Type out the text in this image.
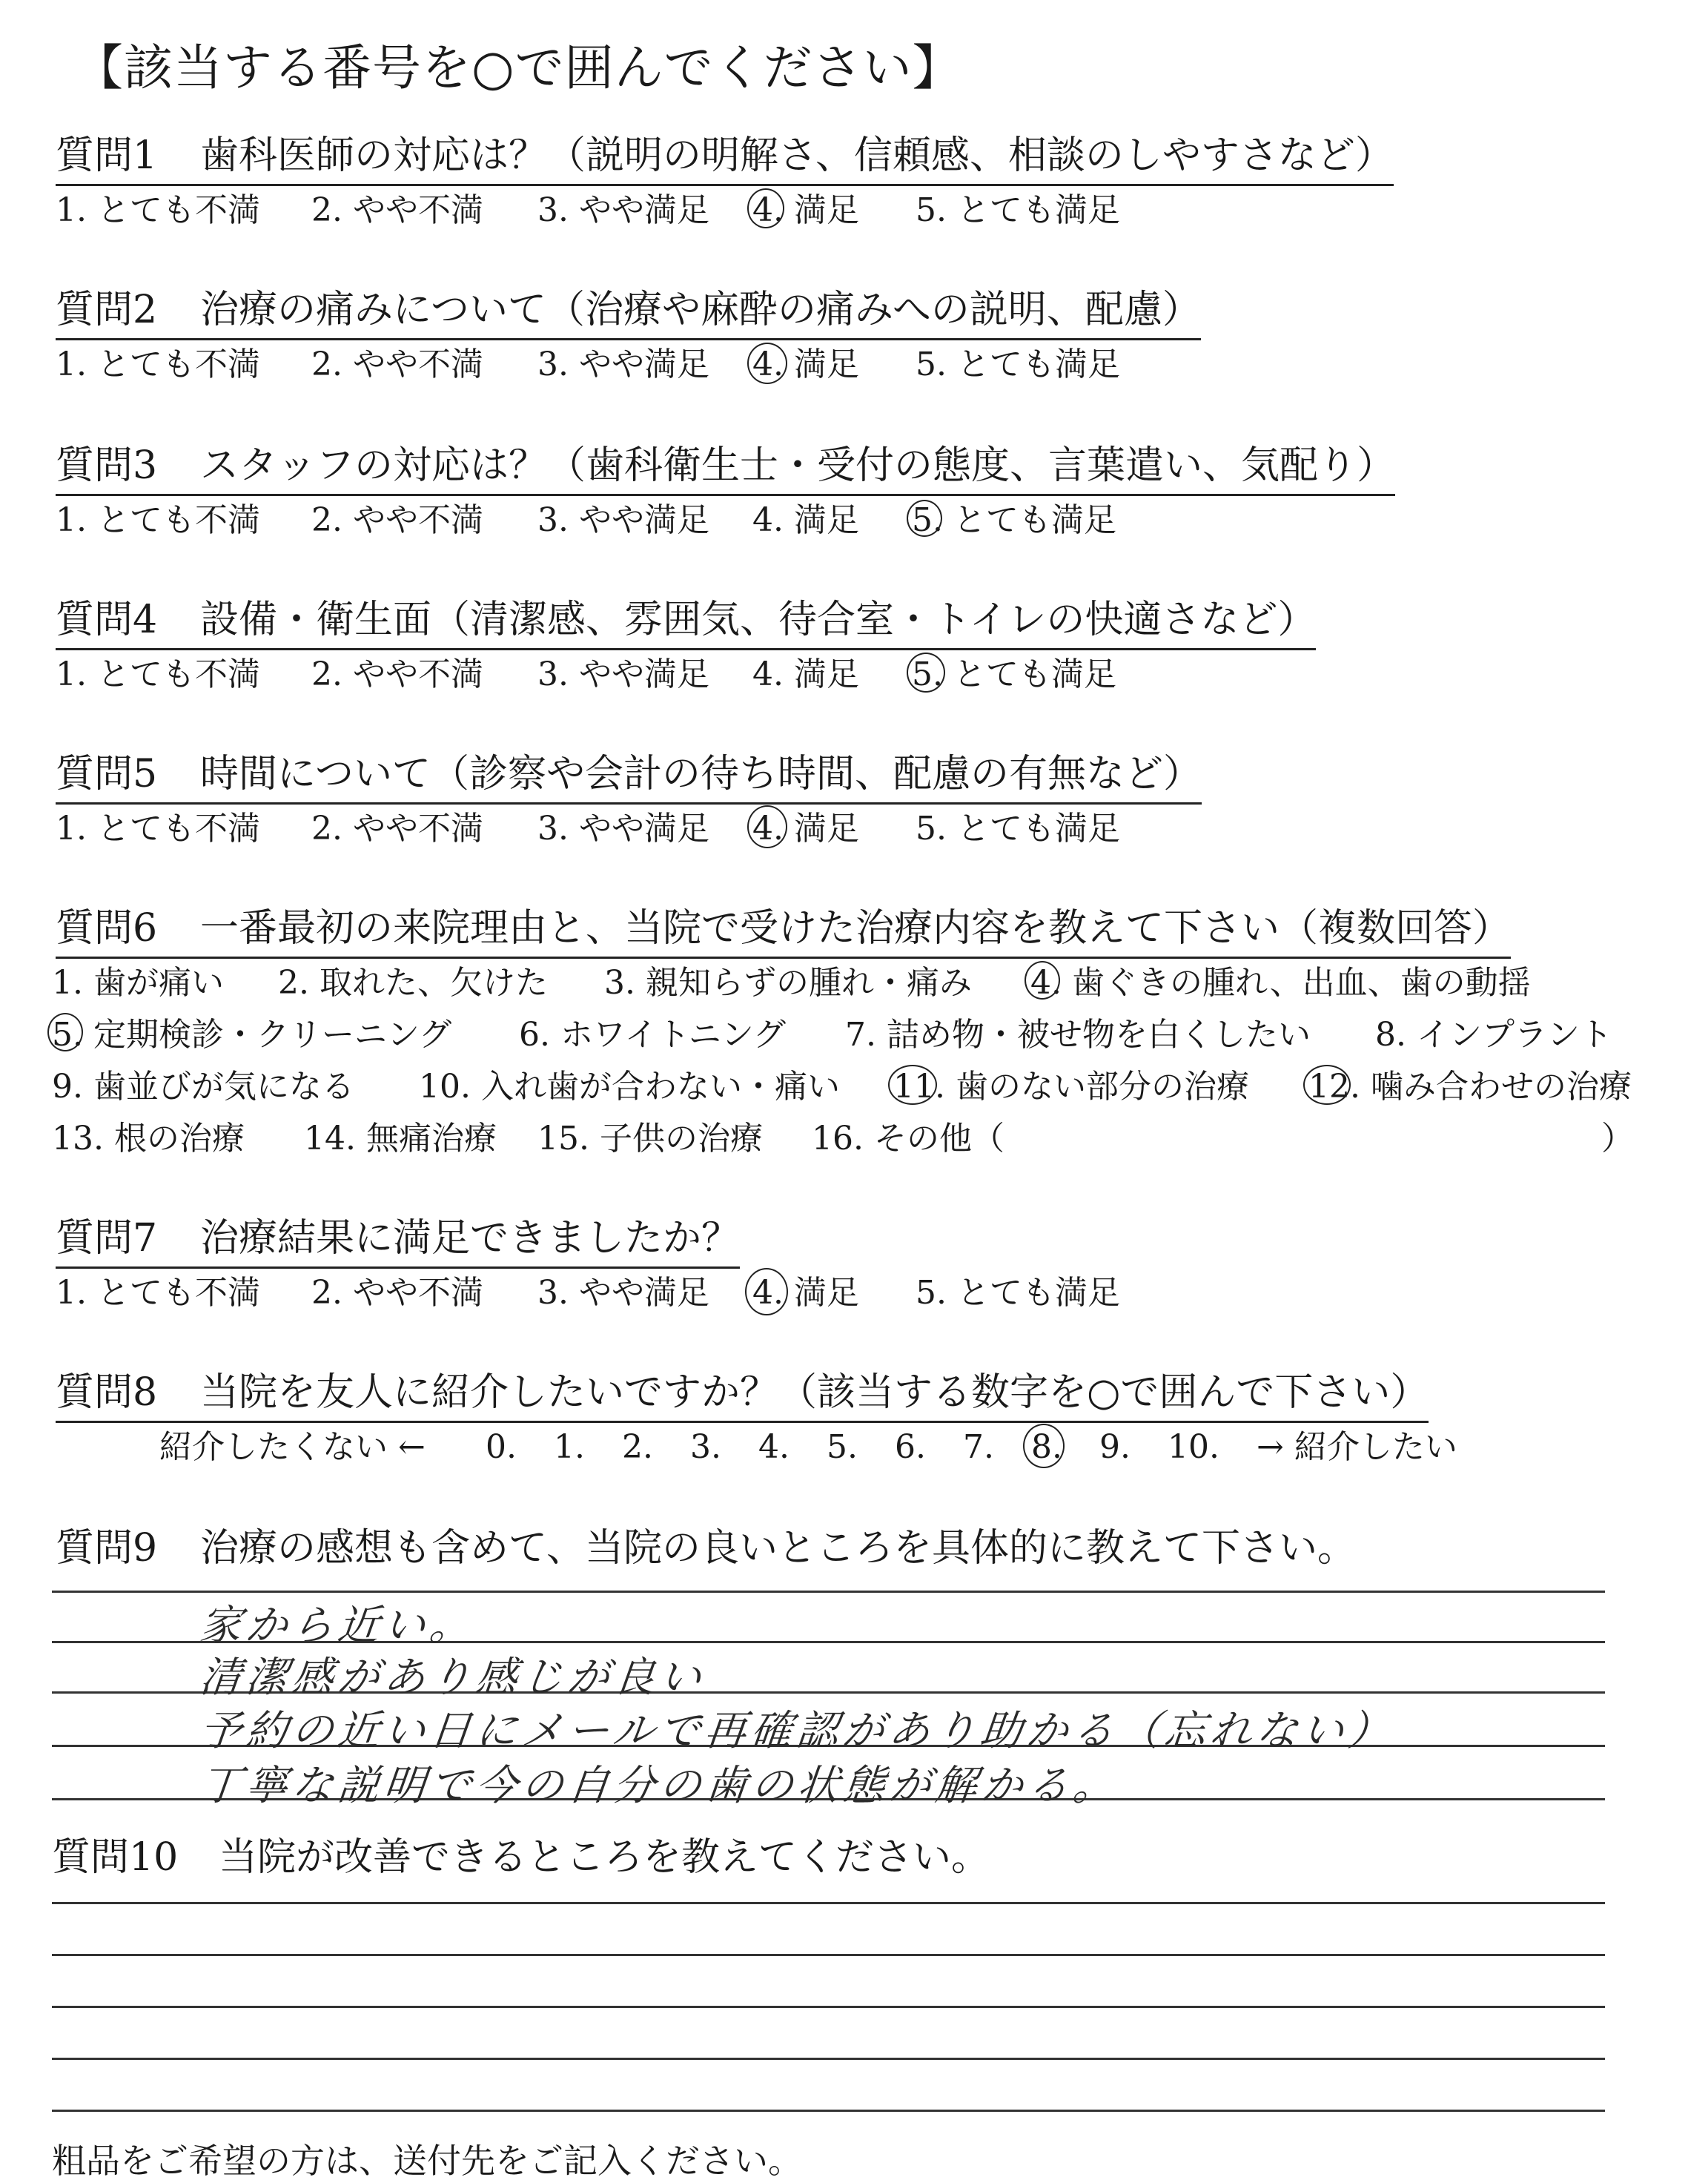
【該当する番号を○で囲んでください】
質問1 歯科医師の対応は？（説明の明解さ、信頼感、相談のしやすさなど）
1. とても不満 2. やや不満 3. やや満足 4. 満足 5. とても満足
質問2 治療の痛みについて（治療や麻酔の痛みへの説明、配慮）
1. とても不満 2. やや不満 3. やや満足 4. 満足 5. とても満足
質問3 スタッフの対応は？（歯科衛生士・受付の態度、言葉遣い、気配り）
1. とても不満 2. やや不満 3. やや満足 4. 満足 5. とても満足
質問4 設備・衛生面（清潔感、雰囲気、待合室・トイレの快適さなど）
1. とても不満 2. やや不満 3. やや満足 4. 満足 5. とても満足
質問5 時間について（診察や会計の待ち時間、配慮の有無など）
1. とても不満 2. やや不満 3. やや満足 4. 満足 5. とても満足
質問6 一番最初の来院理由と、当院で受けた治療内容を教えて下さい（複数回答）
1. 歯が痛い 2. 取れた、欠けた 3. 親知らずの腫れ・痛み 4. 歯ぐきの腫れ、出血、歯の動揺
5. 定期検診・クリーニング 6. ホワイトニング 7. 詰め物・被せ物を白くしたい 8. インプラント
9. 歯並びが気になる 10. 入れ歯が合わない・痛い 11. 歯のない部分の治療 12. 噛み合わせの治療
13. 根の治療 14. 無痛治療 15. 子供の治療 16. その他（	）
質問7 治療結果に満足できましたか？
1. とても不満 2. やや不満 3. やや満足 4. 満足 5. とても満足
質問8 当院を友人に紹介したいですか？（該当する数字を○で囲んで下さい）
紹介したくない ← 0. 1. 2. 3. 4. 5. 6. 7. 8. 9. 10. → 紹介したい
質問9 治療の感想も含めて、当院の良いところを具体的に教えて下さい。
家から近い。
清潔感があり感じが良い
予約の近い日にメールで再確認があり助かる（忘れない）
丁寧な説明で今の自分の歯の状態が解かる。
質問10 当院が改善できるところを教えてください。
粗品をご希望の方は、送付先をご記入ください。
